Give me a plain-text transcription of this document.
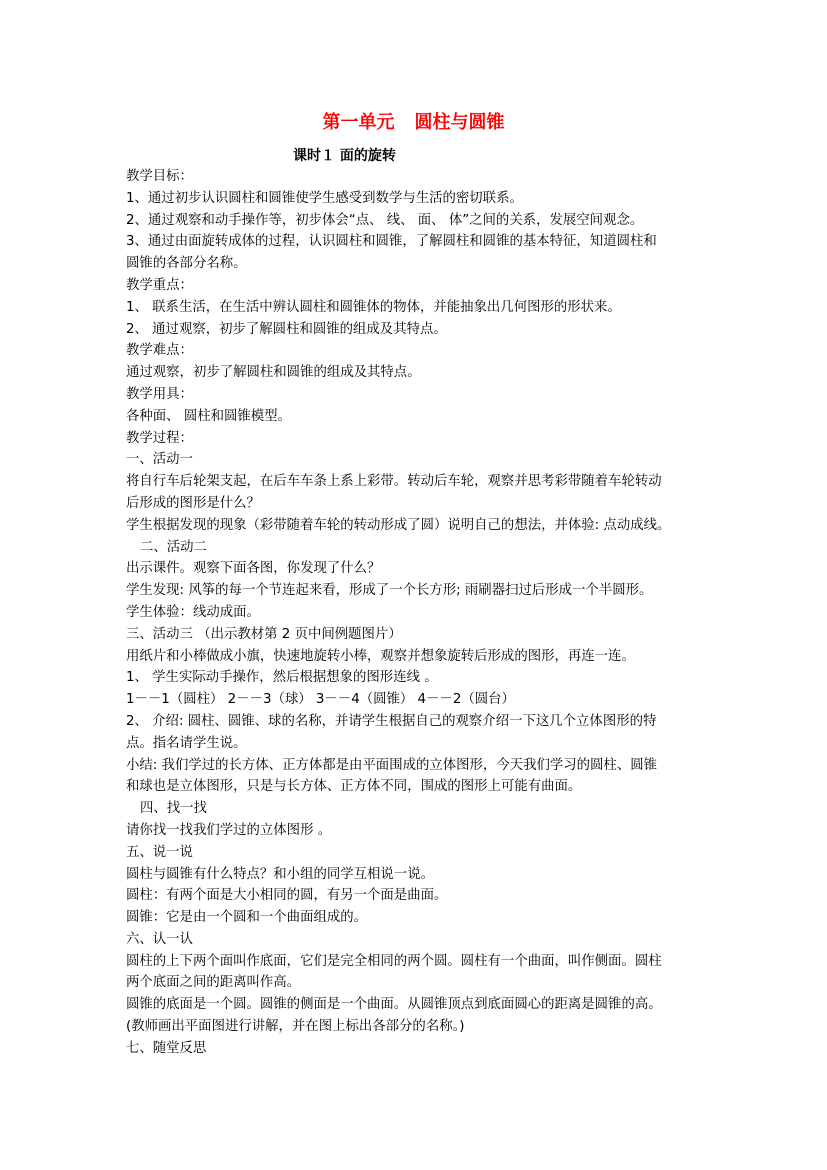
第一单元 圆柱与圆锥
课时１ 面的旋转
教学目标：
1、通过初步认识圆柱和圆锥使学生感受到数学与生活的密切联系。
2、通过观察和动手操作等，初步体会“点、 线、 面、 体”之间的关系，发展空间观念。
3、通过由面旋转成体的过程，认识圆柱和圆锥，了解圆柱和圆锥的基本特征，知道圆柱和
圆锥的各部分名称。
教学重点：
1、 联系生活，在生活中辨认圆柱和圆锥体的物体，并能抽象出几何图形的形状来。
2、 通过观察，初步了解圆柱和圆锥的组成及其特点。
教学难点：
通过观察，初步了解圆柱和圆锥的组成及其特点。
教学用具：
各种面、 圆柱和圆锥模型。
教学过程：
一、活动一
将自行车后轮架支起，在后车车条上系上彩带。转动后车轮，观察并思考彩带随着车轮转动
后形成的图形是什么？
学生根据发现的现象（彩带随着车轮的转动形成了圆）说明自己的想法，并体验: 点动成线。
二、活动二
出示课件。观察下面各图，你发现了什么？
学生发现: 风筝的每一个节连起来看，形成了一个长方形; 雨刷器扫过后形成一个半圆形。
学生体验：线动成面。
三、活动三 （出示教材第 2 页中间例题图片）
用纸片和小棒做成小旗，快速地旋转小棒，观察并想象旋转后形成的图形，再连一连。
1、 学生实际动手操作，然后根据想象的图形连线 。
1－－1（圆柱） 2－－3（球） 3－－4（圆锥） 4－－2（圆台）
2、 介绍: 圆柱、圆锥、球的名称，并请学生根据自己的观察介绍一下这几个立体图形的特
点。指名请学生说。
小结: 我们学过的长方体、正方体都是由平面围成的立体图形，今天我们学习的圆柱、圆锥
和球也是立体图形，只是与长方体、正方体不同，围成的图形上可能有曲面。
四、找一找
请你找一找我们学过的立体图形 。
五、说一说
圆柱与圆锥有什么特点？和小组的同学互相说一说。
圆柱：有两个面是大小相同的圆，有另一个面是曲面。
圆锥：它是由一个圆和一个曲面组成的。
六、认一认
圆柱的上下两个面叫作底面，它们是完全相同的两个圆。圆柱有一个曲面，叫作侧面。圆柱
两个底面之间的距离叫作高。
圆锥的底面是一个圆。圆锥的侧面是一个曲面。从圆锥顶点到底面圆心的距离是圆锥的高。
(教师画出平面图进行讲解，并在图上标出各部分的名称。)
七、随堂反思
